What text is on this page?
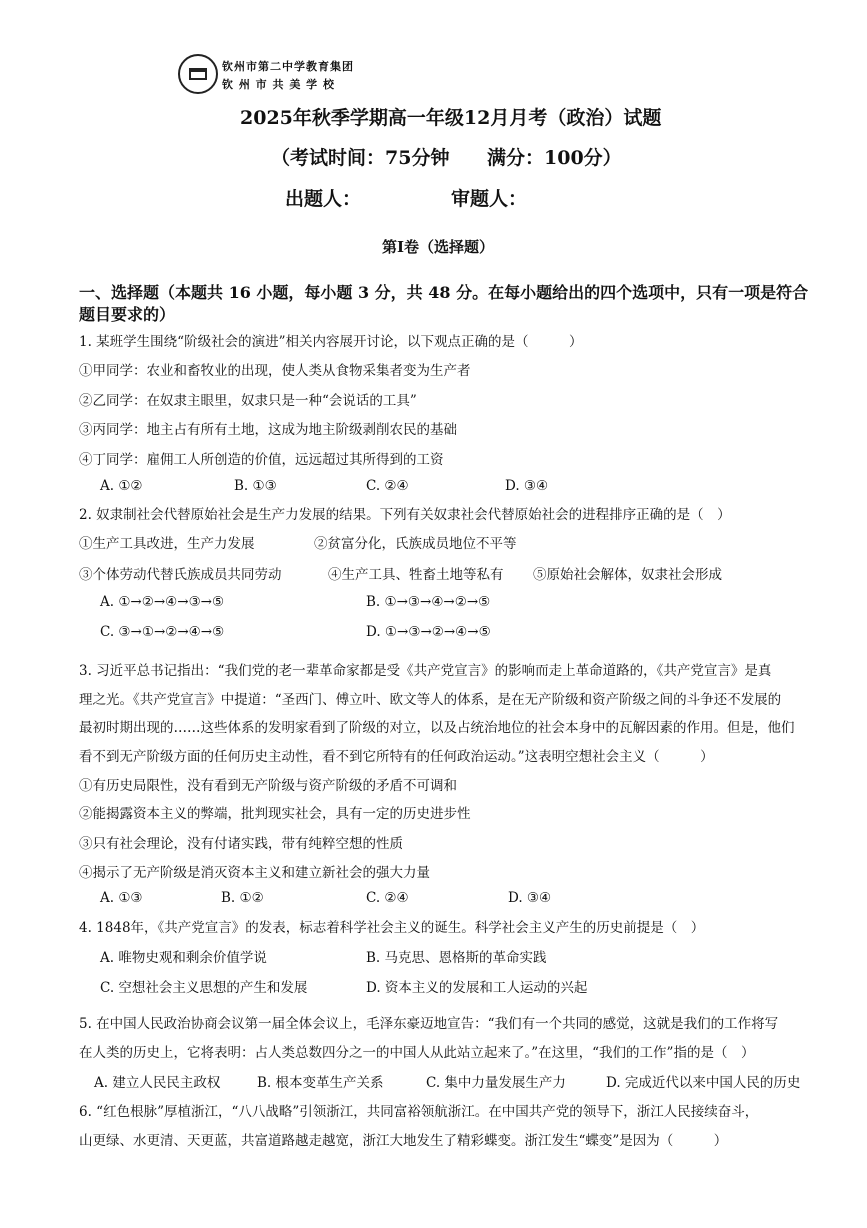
钦州市第二中学教育集团
钦 州 市 共 美 学 校
2025年秋季学期高一年级12月月考（政治）试题
（考试时间：75分钟 满分：100分）
出题人：	审题人：
第I卷（选择题）
一、选择题（本题共 16 小题，每小题 3 分，共 48 分。在每小题给出的四个选项中，只有一项是符合
题目要求的）
1. 某班学生围绕“阶级社会的演进”相关内容展开讨论，以下观点正确的是（　　　）
①甲同学：农业和畜牧业的出现，使人类从食物采集者变为生产者
②乙同学：在奴隶主眼里，奴隶只是一种“会说话的工具”
③丙同学：地主占有所有土地，这成为地主阶级剥削农民的基础
④丁同学：雇佣工人所创造的价值，远远超过其所得到的工资
A. ①②	B. ①③	C. ②④	D. ③④
2. 奴隶制社会代替原始社会是生产力发展的结果。下列有关奴隶社会代替原始社会的进程排序正确的是（　）
①生产工具改进，生产力发展	②贫富分化，氏族成员地位不平等
③个体劳动代替氏族成员共同劳动	④生产工具、牲畜土地等私有 ⑤原始社会解体，奴隶社会形成
A. ①→②→④→③→⑤	B. ①→③→④→②→⑤
C. ③→①→②→④→⑤	D. ①→③→②→④→⑤
3. 习近平总书记指出：“我们党的老一辈革命家都是受《共产党宣言》的影响而走上革命道路的，《共产党宣言》是真
理之光。《共产党宣言》中提道：“圣西门、傅立叶、欧文等人的体系，是在无产阶级和资产阶级之间的斗争还不发展的
最初时期出现的……这些体系的发明家看到了阶级的对立，以及占统治地位的社会本身中的瓦解因素的作用。但是，他们
看不到无产阶级方面的任何历史主动性，看不到它所特有的任何政治运动。”这表明空想社会主义（　　　）
①有历史局限性，没有看到无产阶级与资产阶级的矛盾不可调和
②能揭露资本主义的弊端，批判现实社会，具有一定的历史进步性
③只有社会理论，没有付诸实践，带有纯粹空想的性质
④揭示了无产阶级是消灭资本主义和建立新社会的强大力量
A. ①③	B. ①②	C. ②④	D. ③④
4. 1848年，《共产党宣言》的发表，标志着科学社会主义的诞生。科学社会主义产生的历史前提是（　）
A. 唯物史观和剩余价值学说	B. 马克思、恩格斯的革命实践
C. 空想社会主义思想的产生和发展	D. 资本主义的发展和工人运动的兴起
5. 在中国人民政治协商会议第一届全体会议上，毛泽东豪迈地宣告：“我们有一个共同的感觉，这就是我们的工作将写
在人类的历史上，它将表明：占人类总数四分之一的中国人从此站立起来了。”在这里，“我们的工作”指的是（　）
A. 建立人民民主政权	B. 根本变革生产关系	C. 集中力量发展生产力	D. 完成近代以来中国人民的历史
6. “红色根脉”厚植浙江，“八八战略”引领浙江，共同富裕领航浙江。在中国共产党的领导下，浙江人民接续奋斗，
山更绿、水更清、天更蓝，共富道路越走越宽，浙江大地发生了精彩蝶变。浙江发生“蝶变”是因为（　　　）
